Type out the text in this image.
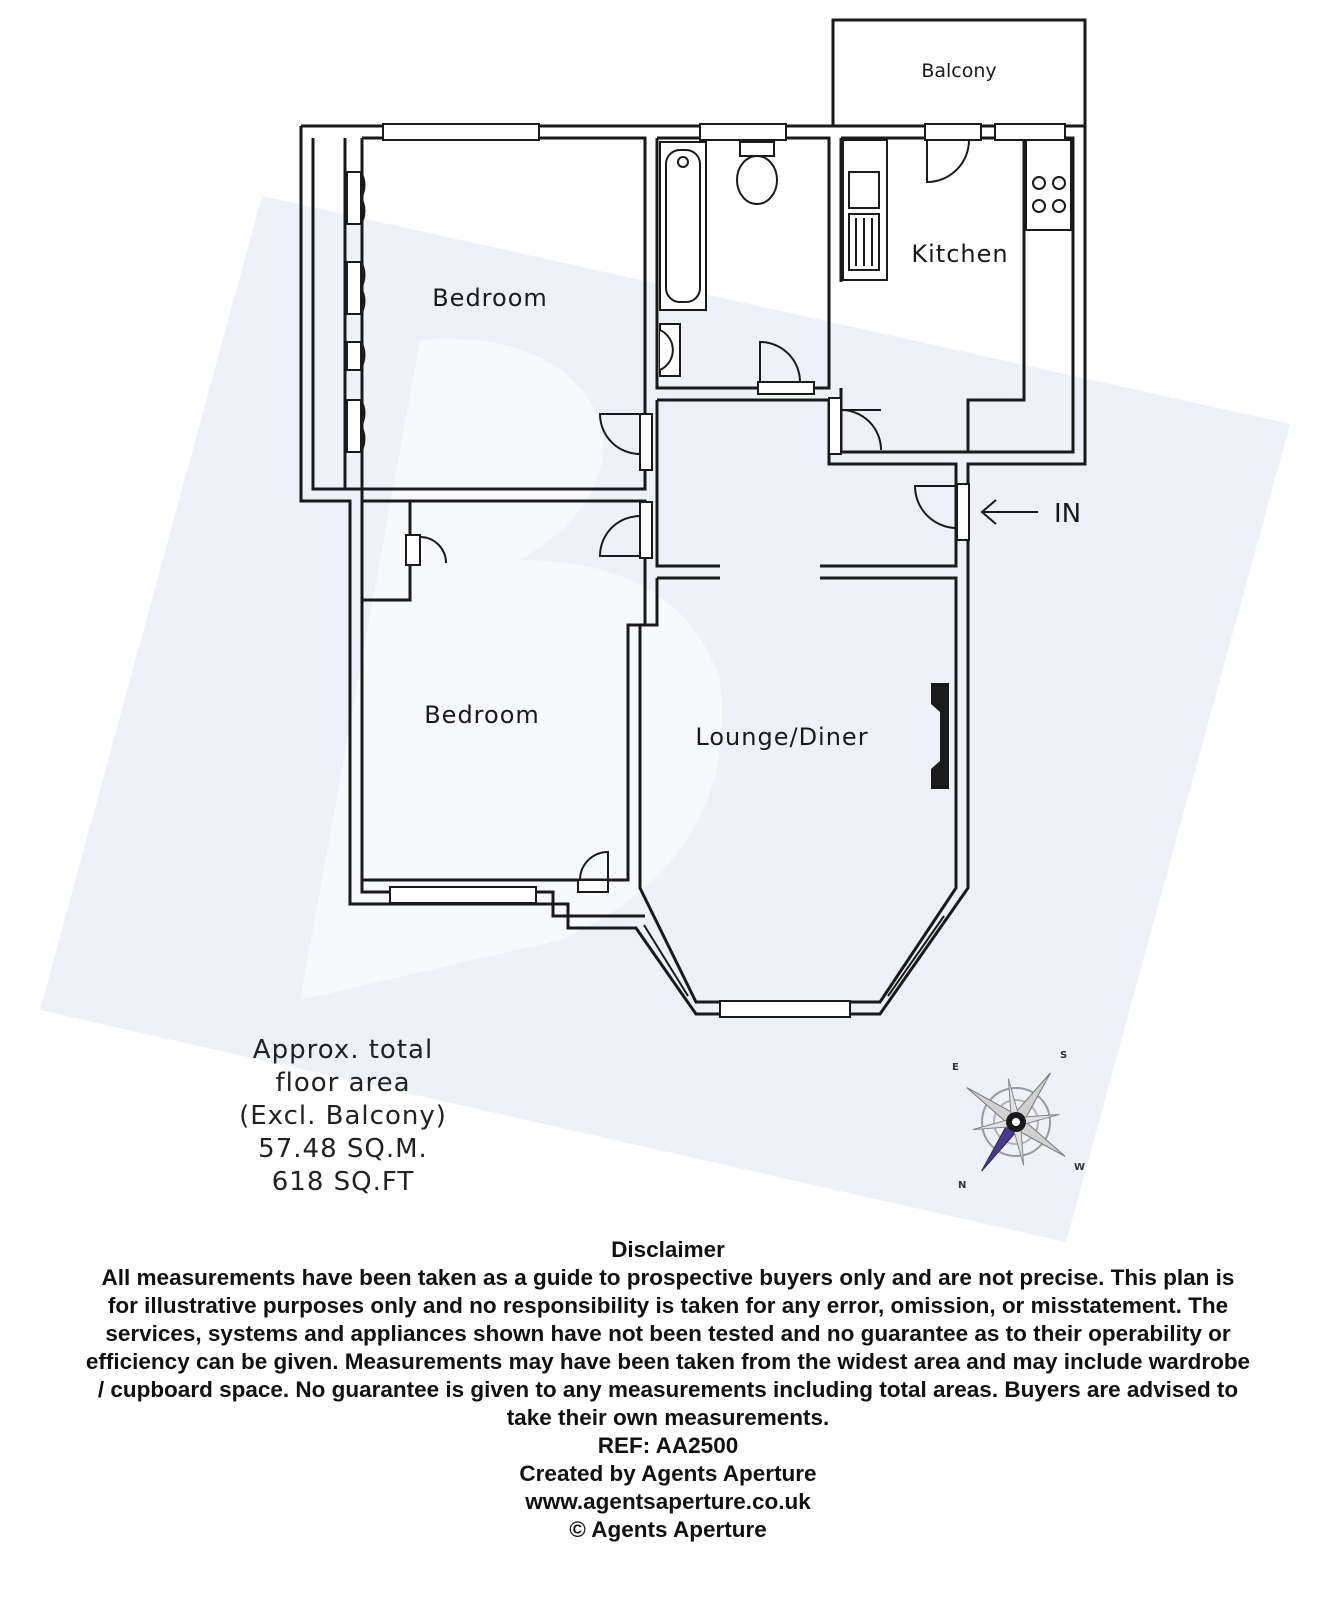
Balcony
Bedroom
Kitchen
Bedroom
Lounge/Diner
IN
Approx. total
floor area
(Excl. Balcony)
57.48 SQ.M.
618 SQ.FT
E
S
W
N
Disclaimer
All measurements have been taken as a guide to prospective buyers only and are not precise. This plan is
for illustrative purposes only and no responsibility is taken for any error, omission, or misstatement. The
services, systems and appliances shown have not been tested and no guarantee as to their operability or
efficiency can be given. Measurements may have been taken from the widest area and may include wardrobe
/ cupboard space. No guarantee is given to any measurements including total areas. Buyers are advised to
take their own measurements.
REF: AA2500
Created by Agents Aperture
www.agentsaperture.co.uk
© Agents Aperture
